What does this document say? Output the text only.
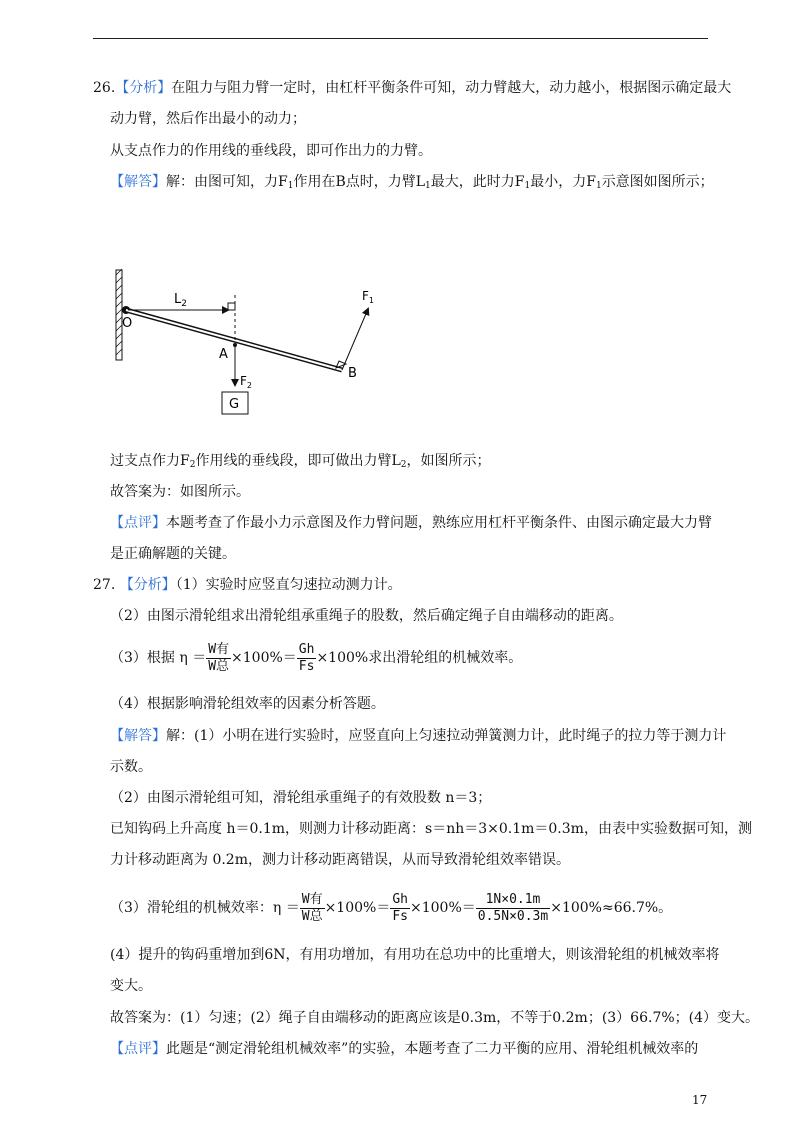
26.【分析】在阻力与阻力臂一定时，由杠杆平衡条件可知，动力臂越大，动力越小，根据图示确定最大
动力臂，然后作出最小的动力；
从支点作力的作用线的垂线段，即可作出力的力臂。
【解答】解：由图可知，力$F_1$作用在B点时，力臂$L_1$最大，此时力$F_1$最小，力$F_1$示意图如图所示；
O
$L_2$
A
$F_2$
G
B
$F_1$
过支点作力$F_2$作用线的垂线段，即可做出力臂$L_2$，如图所示；
故答案为：如图所示。
【点评】本题考查了作最小力示意图及作力臂问题，熟练应用杠杆平衡条件、由图示确定最大力臂
是正确解题的关键。
27. 【分析】（1）实验时应竖直匀速拉动测力计。
（2）由图示滑轮组求出滑轮组承重绳子的股数，然后确定绳子自由端移动的距离。
（3）根据 $\eta = \frac{\text{W有}}{\text{W总}} \times 100\%= \frac{Gh}{Fs} \times 100\%$求出滑轮组的机械效率。
（4）根据影响滑轮组效率的因素分析答题。
【解答】解：(1）小明在进行实验时，应竖直向上匀速拉动弹簧测力计，此时绳子的拉力等于测力计
示数。
（2）由图示滑轮组可知，滑轮组承重绳子的有效股数 n＝3；
已知钩码上升高度 h＝0.1m，则测力计移动距离：s＝nh＝3×0.1m＝0.3m，由表中实验数据可知，测
力计移动距离为 0.2m，测力计移动距离错误，从而导致滑轮组效率错误。
（3）滑轮组的机械效率：$\eta = \frac{\text{W有}}{\text{W总}} \times 100\%= \frac{Gh}{Fs} \times 100\%= \frac{1N\times 0.1m}{0.5N\times 0.3m} \times 100\%\approx 66.7\%$。
(4）提升的钩码重增加到6N，有用功增加，有用功在总功中的比重增大，则该滑轮组的机械效率将
变大。
故答案为：(1）匀速；(2）绳子自由端移动的距离应该是0.3m，不等于0.2m；(3）66.7%；(4）变大。
【点评】此题是“测定滑轮组机械效率”的实验，本题考查了二力平衡的应用、滑轮组机械效率的
17
